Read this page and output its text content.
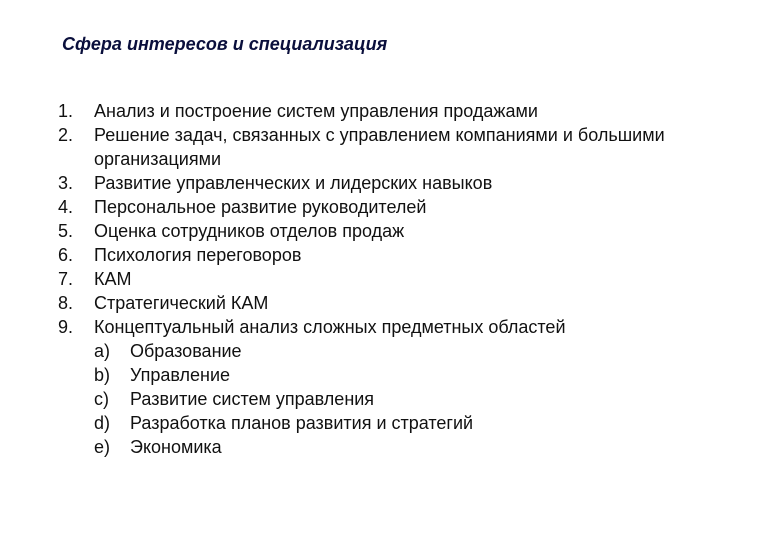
Сфера интересов и специализация
1.	Анализ и построение систем управления продажами
2.	Решение задач, связанных с управлением компаниями и большими организациями
3.	Развитие управленческих и лидерских навыков
4.	Персональное развитие руководителей
5.	Оценка сотрудников отделов продаж
6.	Психология переговоров
7.	КАМ
8.	Стратегический КАМ
9.	Концептуальный анализ сложных предметных областей
a)	Образование
b)	Управление
c)	Развитие систем управления
d)	Разработка планов развития и стратегий
e)	Экономика
